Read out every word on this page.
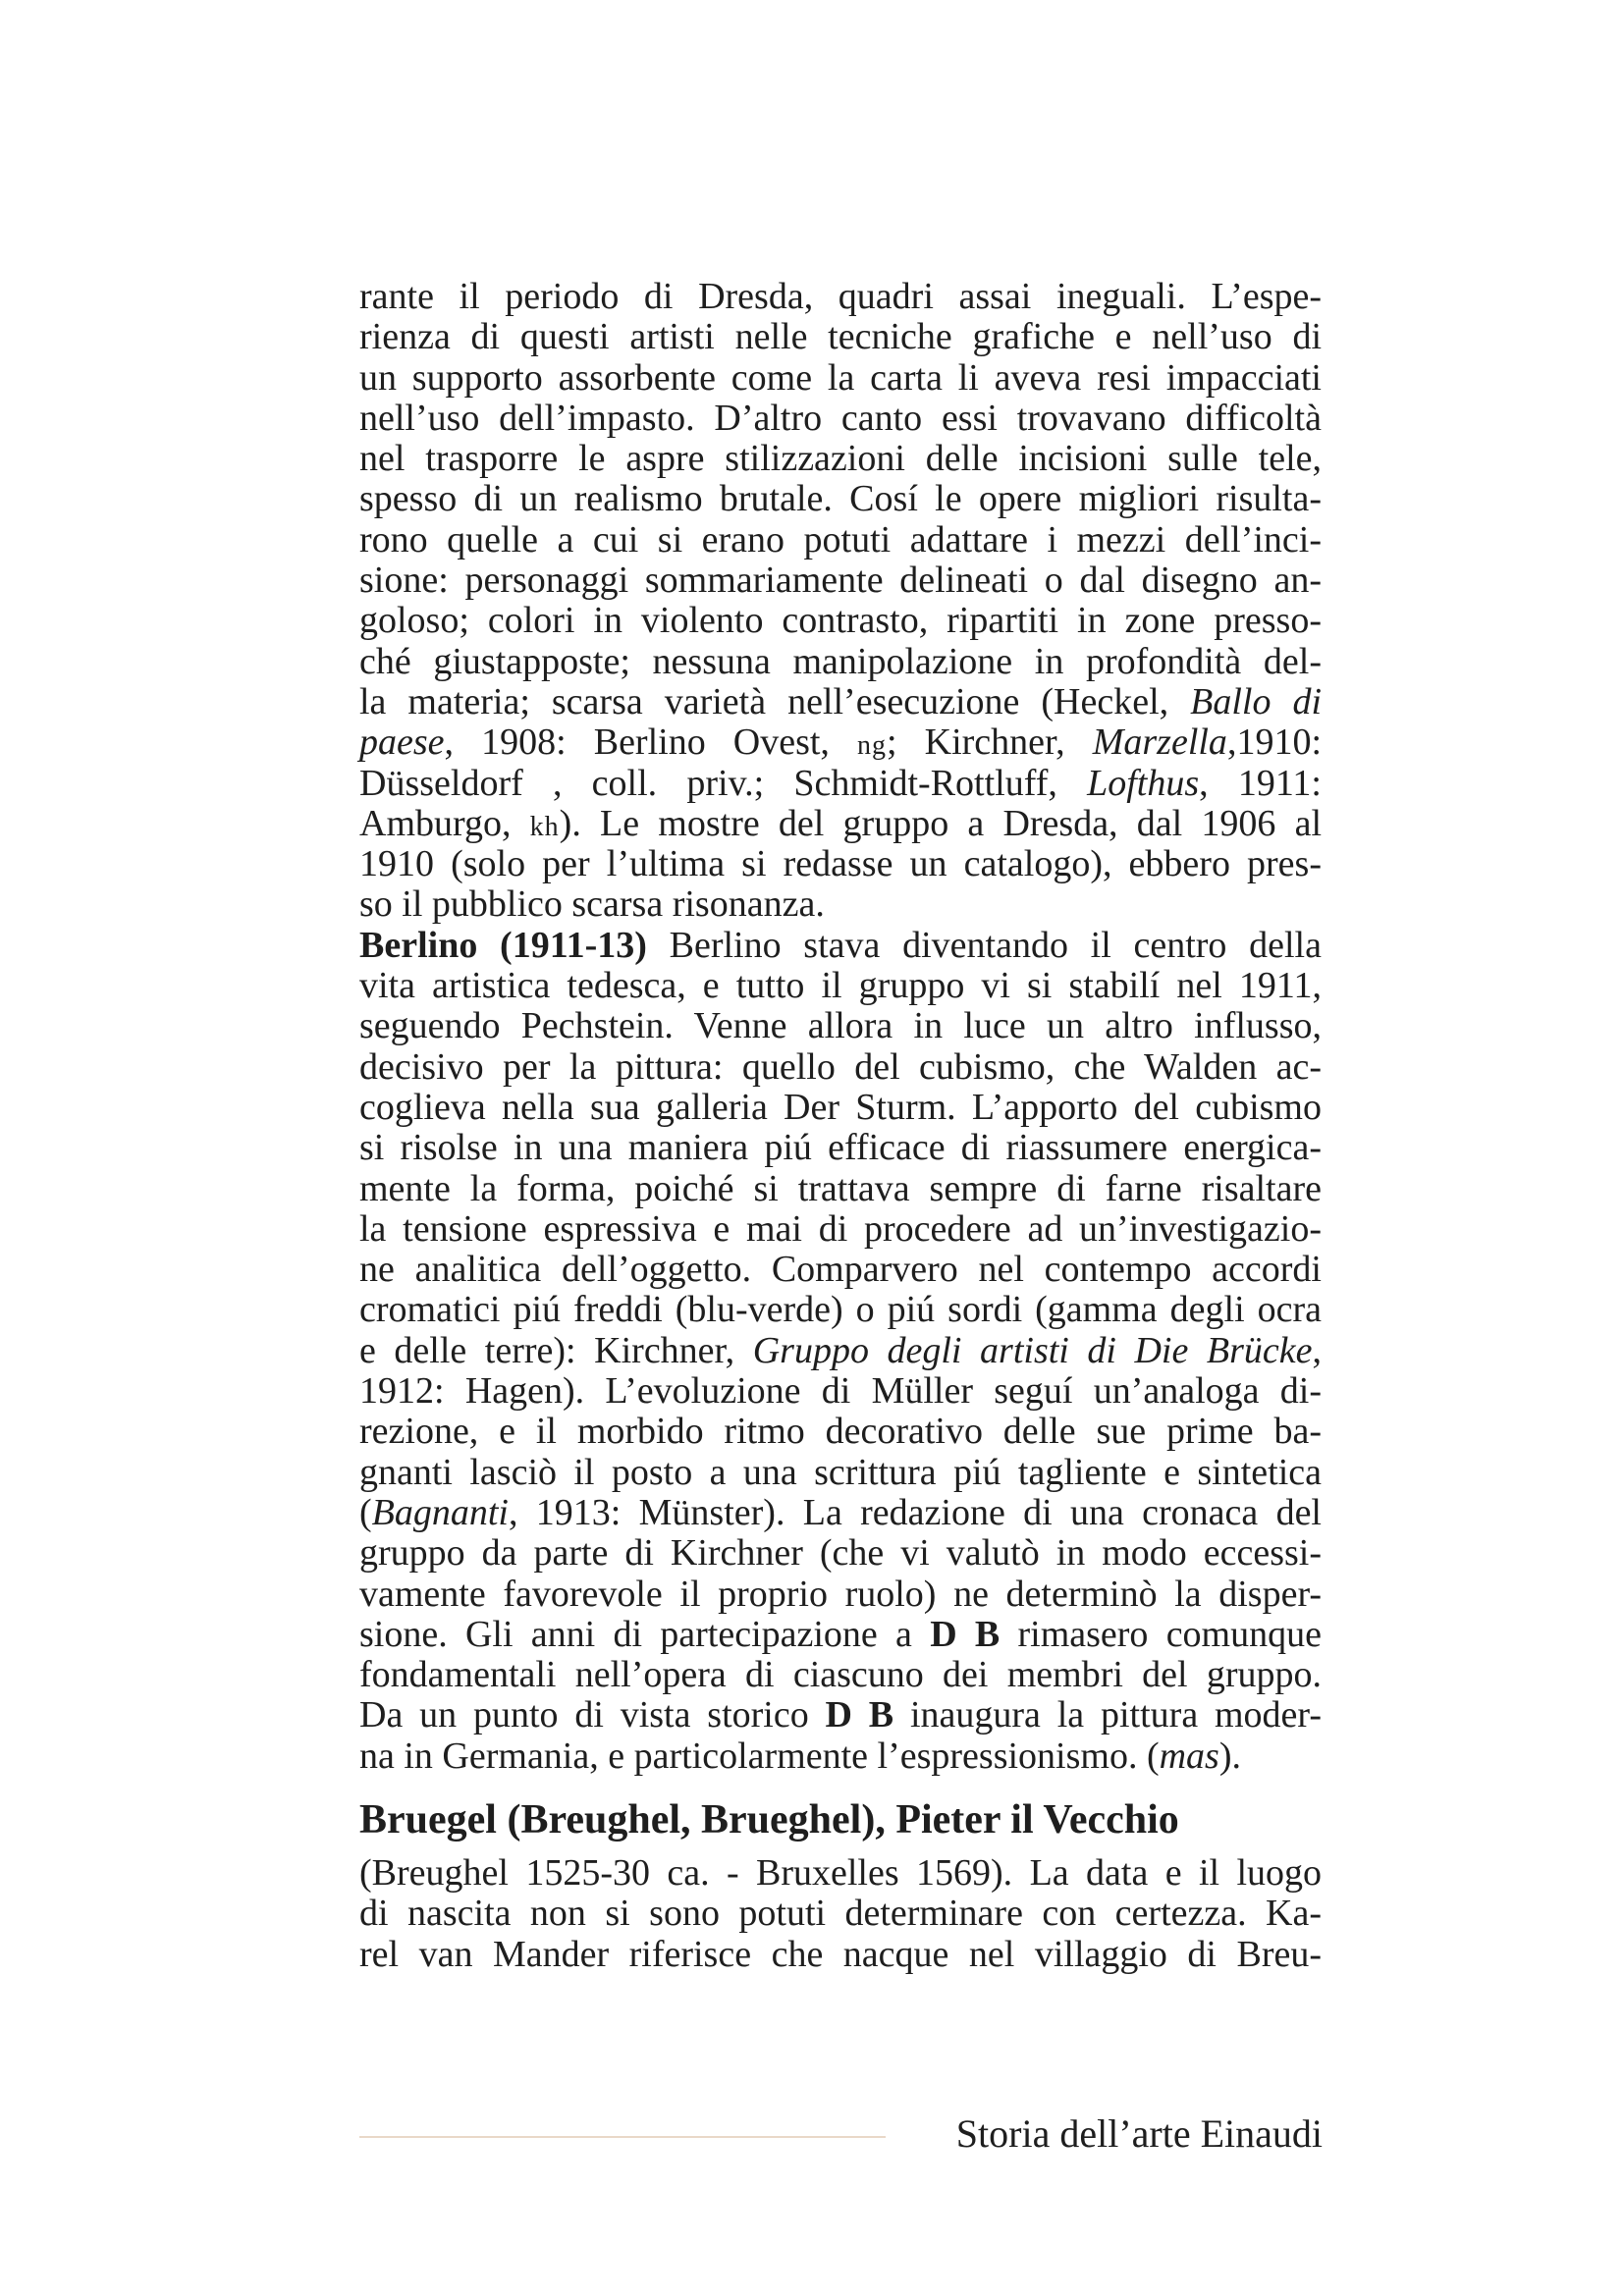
rante il periodo di Dresda, quadri assai ineguali. L’espe-
rienza di questi artisti nelle tecniche grafiche e nell’uso di
un supporto assorbente come la carta li aveva resi impacciati
nell’uso dell’impasto. D’altro canto essi trovavano difficoltà
nel trasporre le aspre stilizzazioni delle incisioni sulle tele,
spesso di un realismo brutale. Cosí le opere migliori risulta-
rono quelle a cui si erano potuti adattare i mezzi dell’inci-
sione: personaggi sommariamente delineati o dal disegno an-
goloso; colori in violento contrasto, ripartiti in zone presso-
ché giustapposte; nessuna manipolazione in profondità del-
la materia; scarsa varietà nell’esecuzione (Heckel, Ballo di
paese, 1908: Berlino Ovest, ng; Kirchner, Marzella,1910:
Düsseldorf , coll. priv.; Schmidt-Rottluff, Lofthus, 1911:
Amburgo, kh). Le mostre del gruppo a Dresda, dal 1906 al
1910 (solo per l’ultima si redasse un catalogo), ebbero pres-
so il pubblico scarsa risonanza.
Berlino (1911-13) Berlino stava diventando il centro della
vita artistica tedesca, e tutto il gruppo vi si stabilí nel 1911,
seguendo Pechstein. Venne allora in luce un altro influsso,
decisivo per la pittura: quello del cubismo, che Walden ac-
coglieva nella sua galleria Der Sturm. L’apporto del cubismo
si risolse in una maniera piú efficace di riassumere energica-
mente la forma, poiché si trattava sempre di farne risaltare
la tensione espressiva e mai di procedere ad un’investigazio-
ne analitica dell’oggetto. Comparvero nel contempo accordi
cromatici piú freddi (blu-verde) o piú sordi (gamma degli ocra
e delle terre): Kirchner, Gruppo degli artisti di Die Brücke,
1912: Hagen). L’evoluzione di Müller seguí un’analoga di-
rezione, e il morbido ritmo decorativo delle sue prime ba-
gnanti lasciò il posto a una scrittura piú tagliente e sintetica
(Bagnanti, 1913: Münster). La redazione di una cronaca del
gruppo da parte di Kirchner (che vi valutò in modo eccessi-
vamente favorevole il proprio ruolo) ne determinò la disper-
sione. Gli anni di partecipazione a D B rimasero comunque
fondamentali nell’opera di ciascuno dei membri del gruppo.
Da un punto di vista storico D B inaugura la pittura moder-
na in Germania, e particolarmente l’espressionismo. (mas).
Bruegel (Breughel, Brueghel), Pieter il Vecchio
(Breughel 1525-30 ca. - Bruxelles 1569). La data e il luogo
di nascita non si sono potuti determinare con certezza. Ka-
rel van Mander riferisce che nacque nel villaggio di Breu-
Storia dell’arte Einaudi
